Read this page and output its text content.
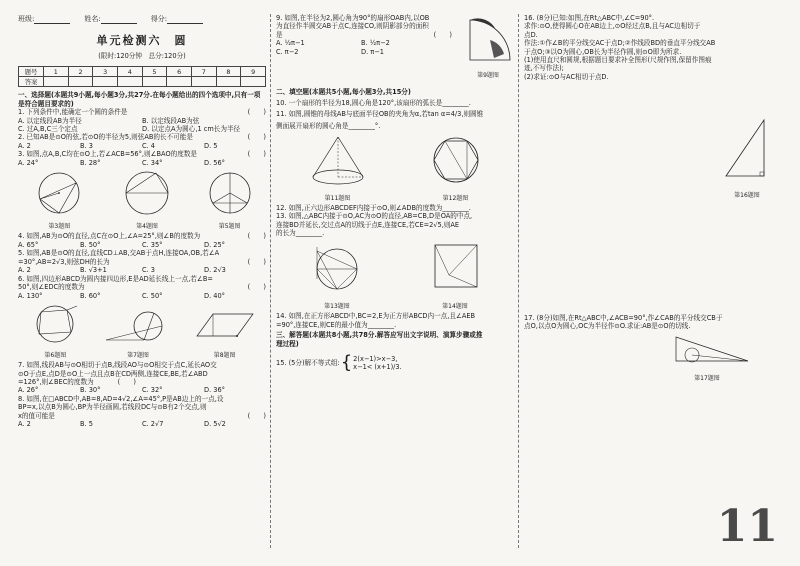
班级:	姓名:	得分:
单元检测六　圆
(限时:120分钟　总分:120分)
题号	1	2	3	4	5	6	7	8	9
答案									
一、选择题(本题共9小题,每小题3分,共27分.在每小题给出的四个选项中,只有一项是符合题目要求的)
1. 下列条件中,能确定一个圆的条件是	(　　)
A. 以定线段AB为半径	B. 以定线段AB为弦
C. 过A,B,C三个定点	D. 以定点A为圆心,1 cm长为半径
2. 已知AB是⊙O的弦,若⊙O的半径为5,则弦AB的长不可能是	(　　)
A. 2	B. 3	C. 4	D. 5
3. 如图,点A,B,C均在⊙O上,若∠ACB=56°,则∠BAO的度数是	(　　)
A. 24°	B. 28°	C. 34°	D. 56°
第3题图	第4题图	第5题图
4. 如图,AB为⊙O的直径,点C在⊙O上,∠A=25°,则∠B的度数为	(　　)
A. 65°	B. 50°	C. 35°	D. 25°
5. 如图,AB是⊙O的直径,直线CD⊥AB,交AB于点H,连接OA,OB,若∠A
=30°,AB=2√3,则弦DH的长为	(　　)
A. 2	B. √3+1	C. 3	D. 2√3
6. 如图,四边形ABCD为圆内接四边形,E是AD延长线上一点,若∠B=
50°,则∠EDC的度数为	(　　)
A. 130°	B. 60°	C. 50°	D. 40°
第6题图	第7题图	第8题图
7. 如图,线段AB与⊙O相切于点B,线段AO与⊙O相交于点C,延长AO交
⊙O于点E,点D是⊙O上一点且点B在CD两侧,连接CE,BE,若∠ABD
=126°,则∠BEC的度数为	(　　)
A. 26°	B. 30°	C. 32°	D. 36°
8. 如图,在□ABCD中,AB=8,AD=4√2,∠A=45°,P是AB边上的一点,设
BP=x,以点B为圆心,BP为半径画圆,若线段DC与⊙B有2个交点,则
x的值可能是	(　　)
A. 2	B. 5	C. 2√7	D. 5√2
9. 如图,在半径为2,圆心角为90°的扇形OAB内,以OB
为直径作半圆交AB于点C,连接CO,则阴影部分的面积
是	(　　)
A. ½π−1	B. ½π−2
C. π−2	D. π−1
第9题图
二、填空题(本题共5小题,每小题3分,共15分)
10. 一个扇形的半径为18,圆心角是120°,该扇形的弧长是________.
11. 如图,圆锥的母线AB与底面半径OB的夹角为α,若tan α=4/3,则圆锥
侧面展开扇形的圆心角是________°.
第11题图	第12题图
12. 如图,正六边形ABCDEF内接于⊙O,则∠ADB的度数为________.
13. 如图,△ABC内接于⊙O,AC为⊙O的直径,AB=CB,D是OA的中点,
连接BD并延长,交过点A的切线于点E,连接CE,若CE=2√5,则AE
的长为________.
第13题图	第14题图
14. 如图,在正方形ABCD中,BC=2,E为正方形ABCD内一点,且∠AEB
=90°,连接CE,则CE的最小值为________.
三、解答题(本题共8小题,共78分.解答应写出文字说明、演算步骤或推
理过程)
15. (5分)解不等式组: { 2(x−1)>x−3,
x−1< (x+1)/3.
16. (8分)已知:如图,在Rt△ABC中,∠C=90°.
求作:⊙O,使得圆心O在AB边上,⊙O经过点B,且与AC边相切于
点D.
作法:①作∠B的平分线交AC于点D;②作线段BD的垂直平分线交AB
于点O;③以O为圆心,OB长为半径作圆,则⊙O即为所求.
(1)使用直尺和圆规,根据题目要求补全图形(尺规作图,保留作图痕
迹,不写作法);
(2)求证:⊙O与AC相切于点D.
第16题图
17. (8分)如图,在Rt△ABC中,∠ACB=90°,作∠CAB的平分线交CB于
点O,以点O为圆心,OC为半径作⊙O.求证:AB是⊙O的切线.
第17题图
11
